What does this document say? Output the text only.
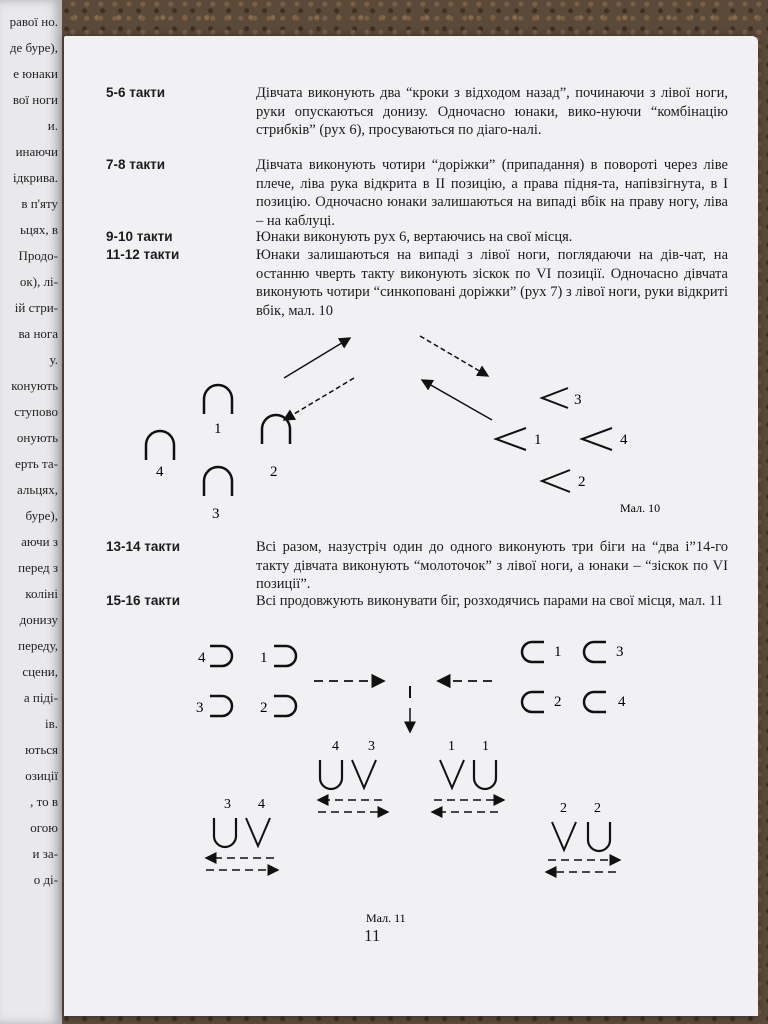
равої но.
де буре),
е юнаки
вої ноги
и.
инаючи
ідкрива.
в п'яту
ьцях, в
Продо-
ок), лі-
ій стри-
ва нога
у.
конують
ступово
онують
ерть та-
альцях,
буре),
аючи з
перед з
колінi
донизу
переду,
сцени,
а піді-
ів.
ються
озиції
, то в
огою
и за-
о ді-
5-6 такти	Дівчата виконують два “кроки з відходом назад”, починаючи з лівої ноги, руки опускаються донизу. Одночасно юнаки, вико-нуючи “комбінацію стрибків” (рух 6), просуваються по діаго-налі.
7-8 такти	Дівчата виконують чотири “доріжки” (припадання) в повороті через ліве плече, ліва рука відкрита в II позицію, а права підня-та, напівзігнута, в I позицію. Одночасно юнаки залишаються на випаді вбік на праву ногу, ліва – на каблуці.
9-10 такти	Юнаки виконують рух 6, вертаючись на свої місця.
11-12 такти	Юнаки залишаються на випаді з лівої ноги, поглядаючи на дів-чат, на останню чверть такту виконують зіскок по VI позиції. Одночасно дівчата виконують чотири “синкоповані доріжки” (рух 7) з лівої ноги, руки відкриті вбік, мал. 10
1
2
3
4
3
1	4
2
Мал. 10
13-14 такти	Всі разом, назустріч один до одного виконують три біги на “два і”14-го такту дівчата виконують “молоточок” з лівої ноги, а юнаки – “зіскок по VI позиції”.
15-16 такти	Всі продовжують виконувати біг, розходячись парами на свої місця, мал. 11
4	1
3	2
1	3
2	4
4 3	1 1
3 4	2 2
Мал. 11
11
